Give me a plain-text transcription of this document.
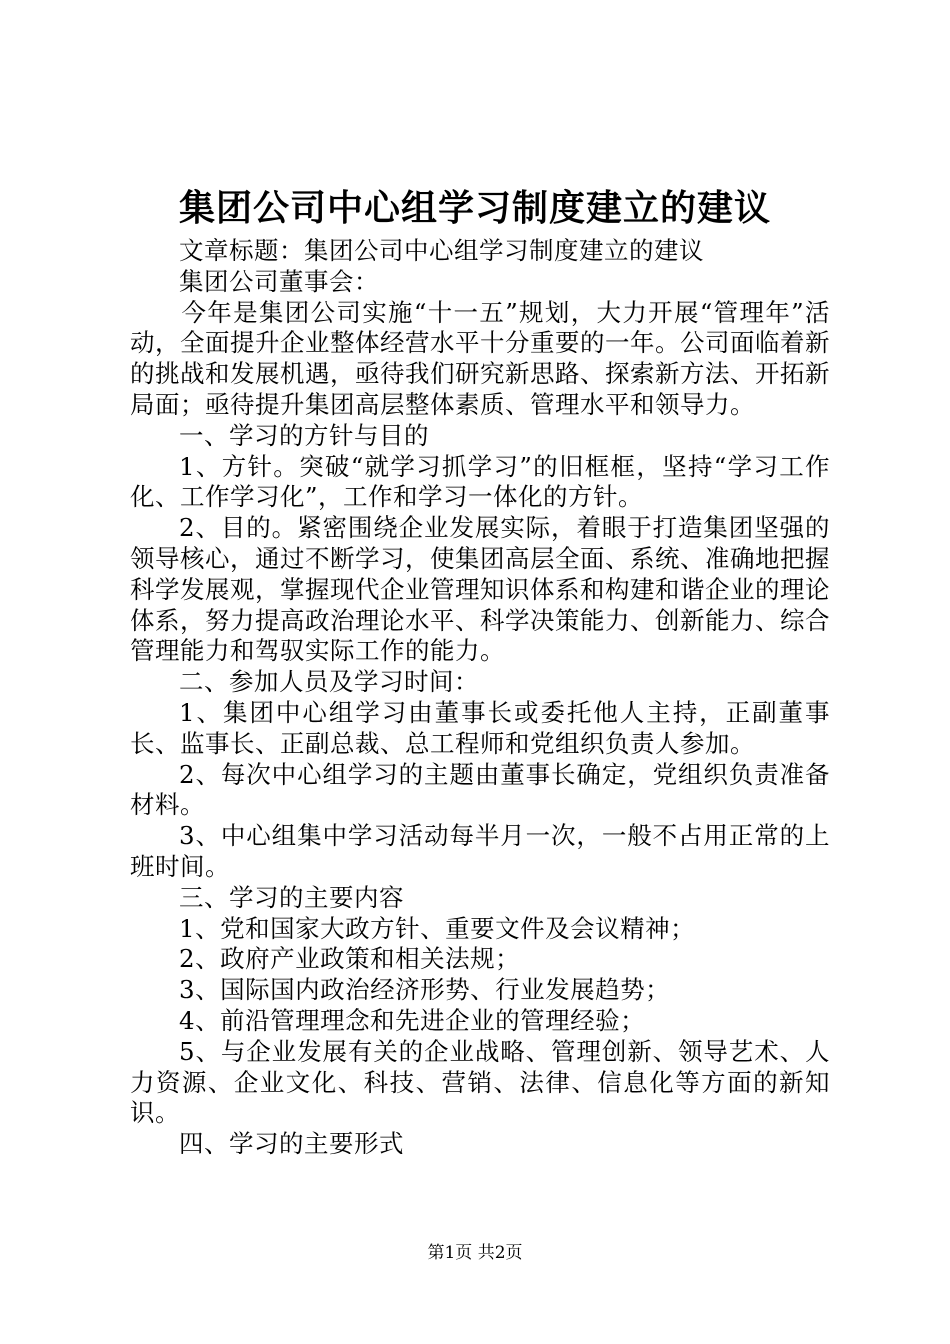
集团公司中心组学习制度建立的建议

文章标题：集团公司中心组学习制度建立的建议

集团公司董事会：

今年是集团公司实施“十一五”规划，大力开展“管理年”活动，全面提升企业整体经营水平十分重要的一年。公司面临着新的挑战和发展机遇，亟待我们研究新思路、探索新方法、开拓新局面；亟待提升集团高层整体素质、管理水平和领导力。

一、学习的方针与目的

1、方针。突破“就学习抓学习”的旧框框，坚持“学习工作化、工作学习化”，工作和学习一体化的方针。

2、目的。紧密围绕企业发展实际，着眼于打造集团坚强的领导核心，通过不断学习，使集团高层全面、系统、准确地把握科学发展观，掌握现代企业管理知识体系和构建和谐企业的理论体系，努力提高政治理论水平、科学决策能力、创新能力、综合管理能力和驾驭实际工作的能力。

二、参加人员及学习时间：

1、集团中心组学习由董事长或委托他人主持，正副董事长、监事长、正副总裁、总工程师和党组织负责人参加。

2、每次中心组学习的主题由董事长确定，党组织负责准备材料。

3、中心组集中学习活动每半月一次，一般不占用正常的上班时间。

三、学习的主要内容

1、党和国家大政方针、重要文件及会议精神；

2、政府产业政策和相关法规；

3、国际国内政治经济形势、行业发展趋势；

4、前沿管理理念和先进企业的管理经验；

5、与企业发展有关的企业战略、管理创新、领导艺术、人力资源、企业文化、科技、营销、法律、信息化等方面的新知识。

四、学习的主要形式

第1页 共2页
